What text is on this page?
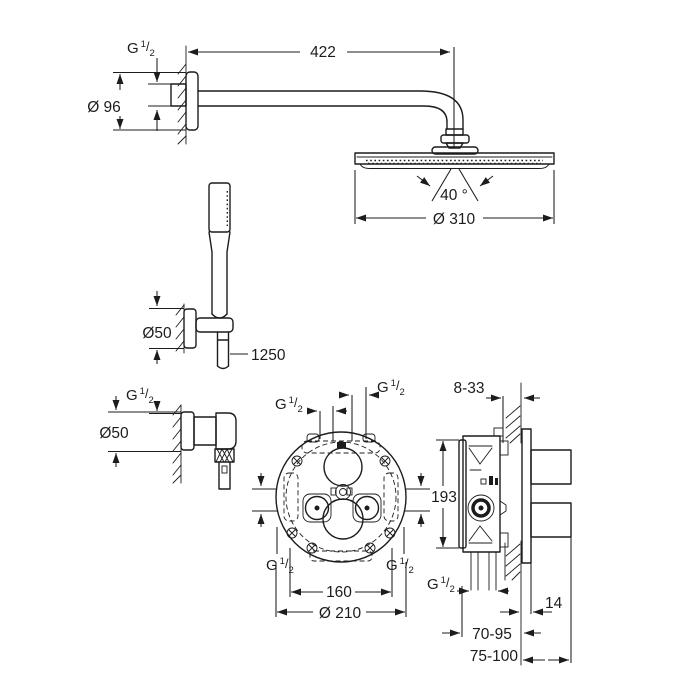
G $^1_{/2}$
Ø 96
422
40 °
Ø 310
Ø50
1250
G $^1_{/2}$
Ø50
G $^1_{/2}$
G $^1_{/2}$
G $^1_{/2}$	G $^1_{/2}$
160
Ø 210
8-33
193
G $^1_{/2}$
14
70-95
75-100
